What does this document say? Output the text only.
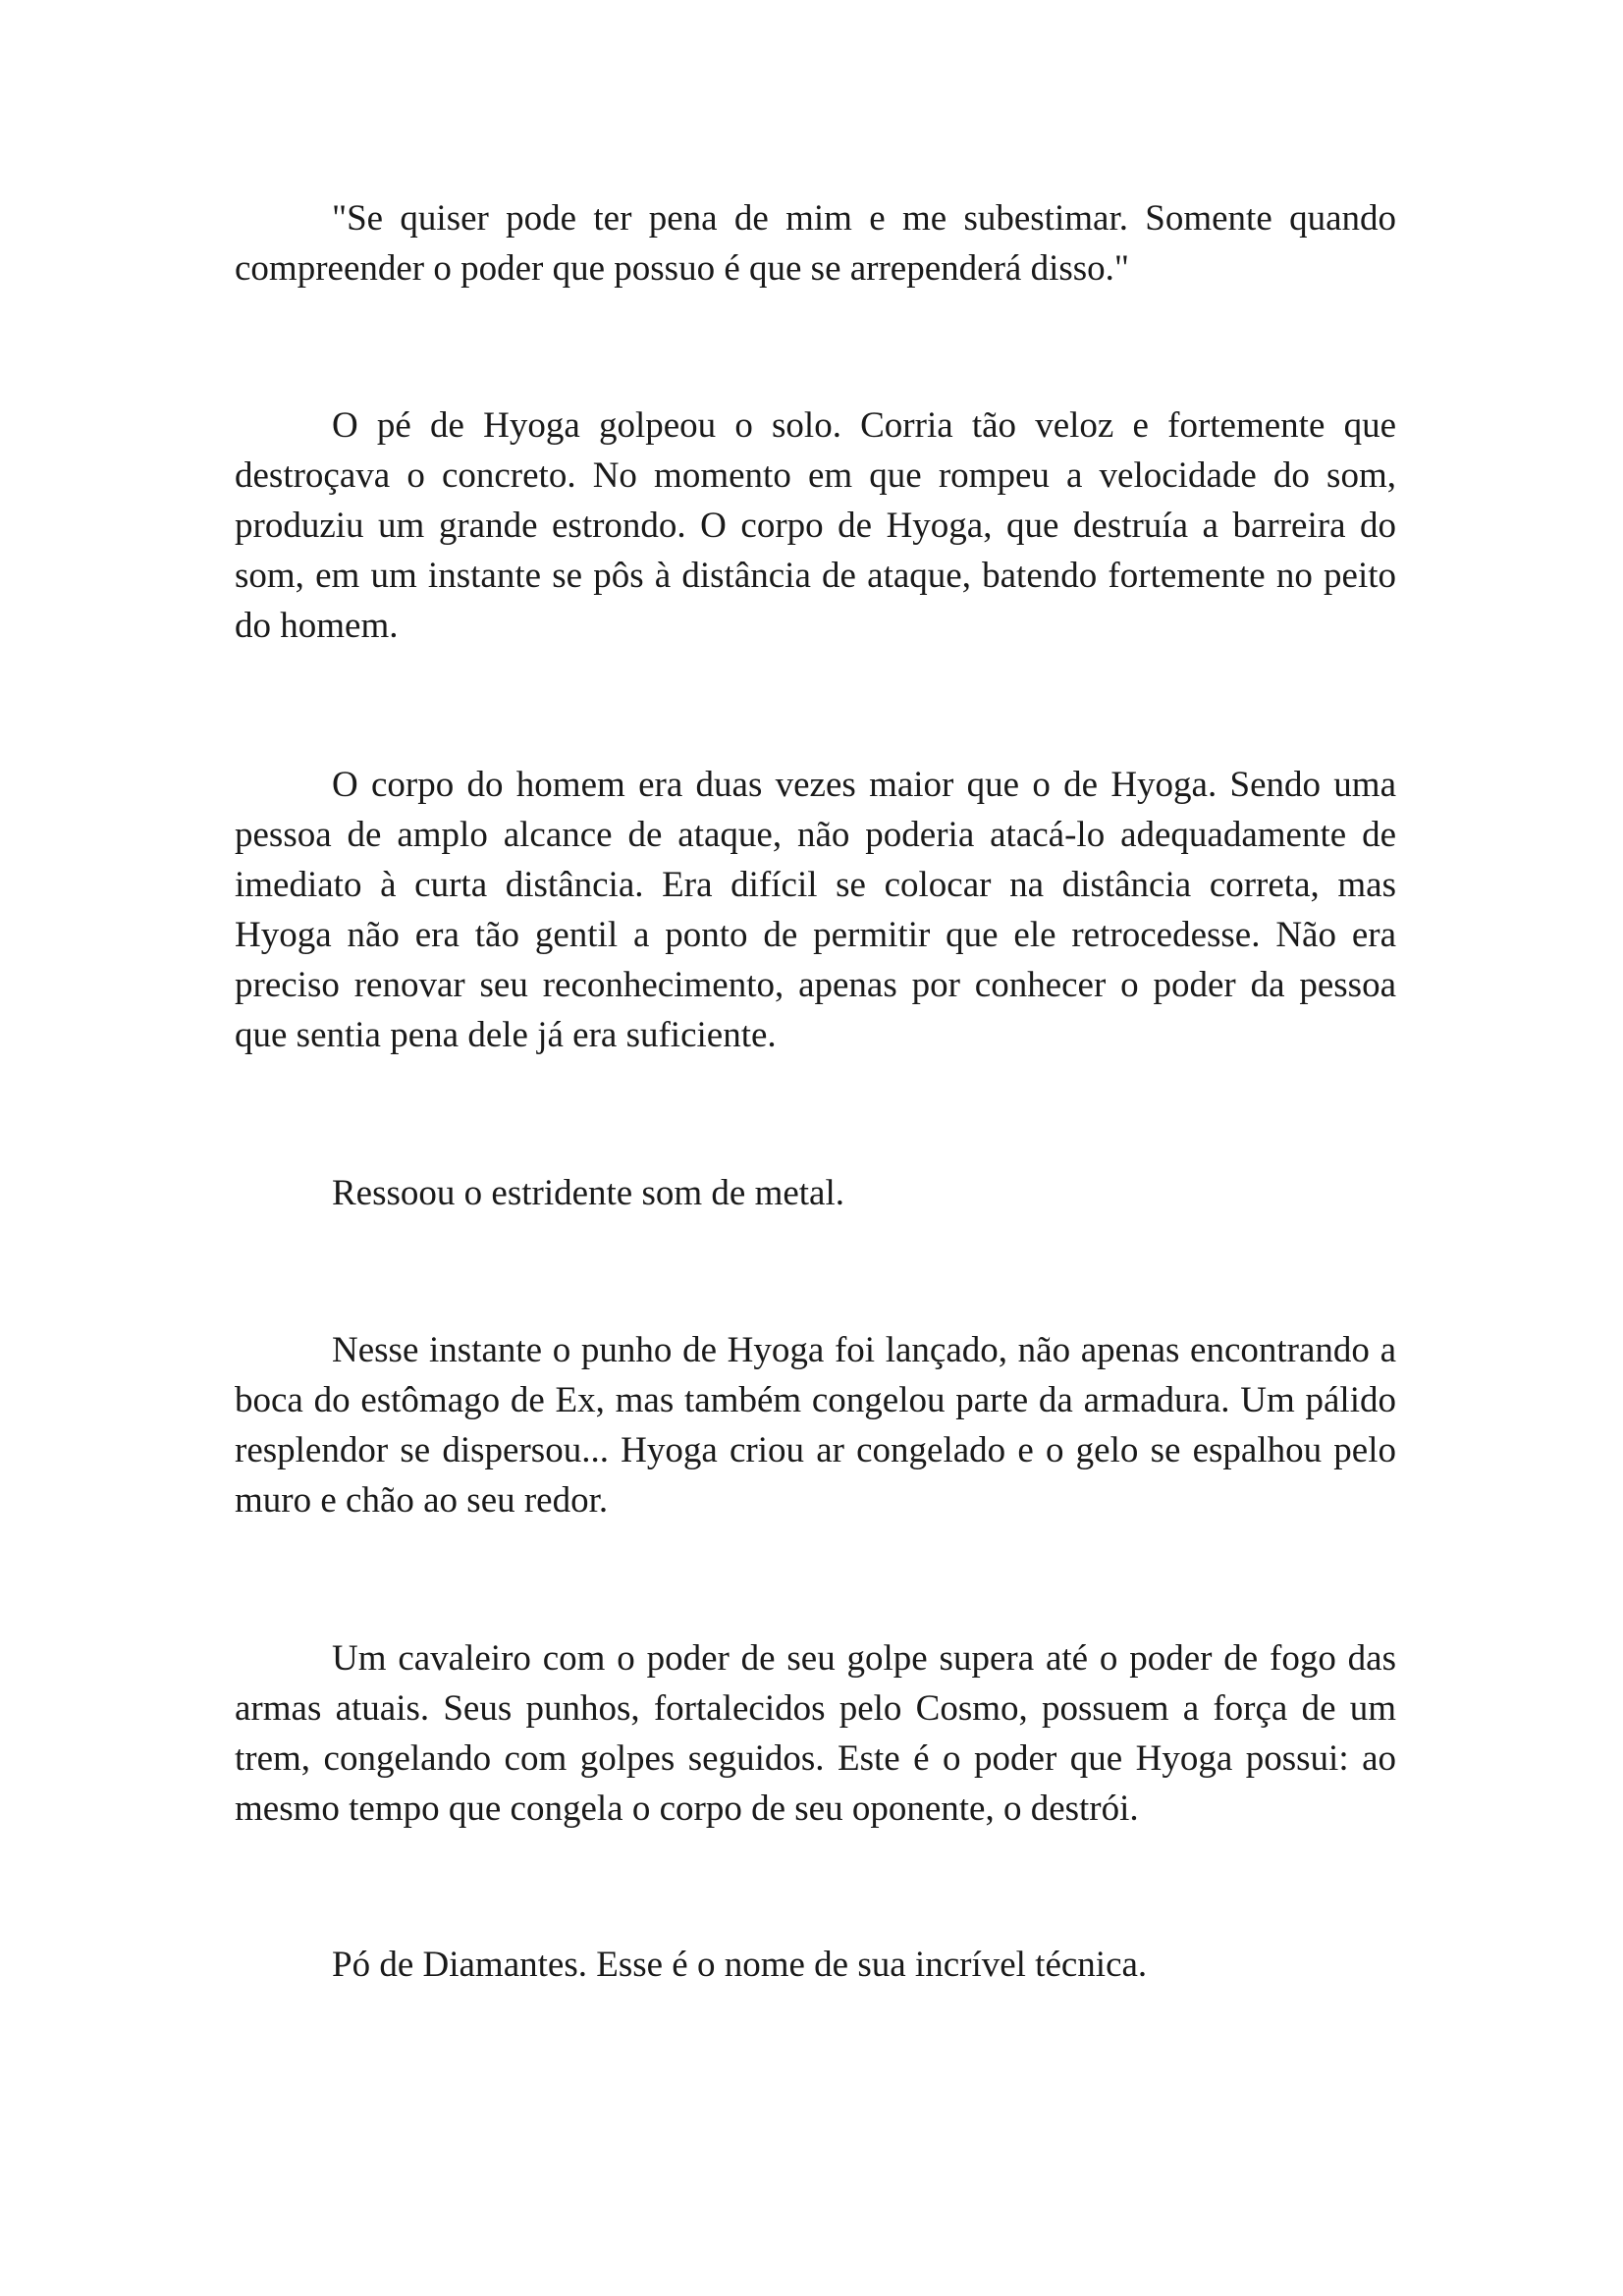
"Se quiser pode ter pena de mim e me subestimar. Somente quando compreender o poder que possuo é que se arrependerá disso."

O pé de Hyoga golpeou o solo. Corria tão veloz e fortemente que destroçava o concreto. No momento em que rompeu a velocidade do som, produziu um grande estrondo. O corpo de Hyoga, que destruía a barreira do som, em um instante se pôs à distância de ataque, batendo fortemente no peito do homem.

O corpo do homem era duas vezes maior que o de Hyoga. Sendo uma pessoa de amplo alcance de ataque, não poderia atacá-lo adequadamente de imediato à curta distância. Era difícil se colocar na distância correta, mas Hyoga não era tão gentil a ponto de permitir que ele retrocedesse. Não era preciso renovar seu reconhecimento, apenas por conhecer o poder da pessoa que sentia pena dele já era suficiente.

Ressoou o estridente som de metal.

Nesse instante o punho de Hyoga foi lançado, não apenas encontrando a boca do estômago de Ex, mas também congelou parte da armadura. Um pálido resplendor se dispersou... Hyoga criou ar congelado e o gelo se espalhou pelo muro e chão ao seu redor.

Um cavaleiro com o poder de seu golpe supera até o poder de fogo das armas atuais. Seus punhos, fortalecidos pelo Cosmo, possuem a força de um trem, congelando com golpes seguidos. Este é o poder que Hyoga possui: ao mesmo tempo que congela o corpo de seu oponente, o destrói.

Pó de Diamantes. Esse é o nome de sua incrível técnica.
